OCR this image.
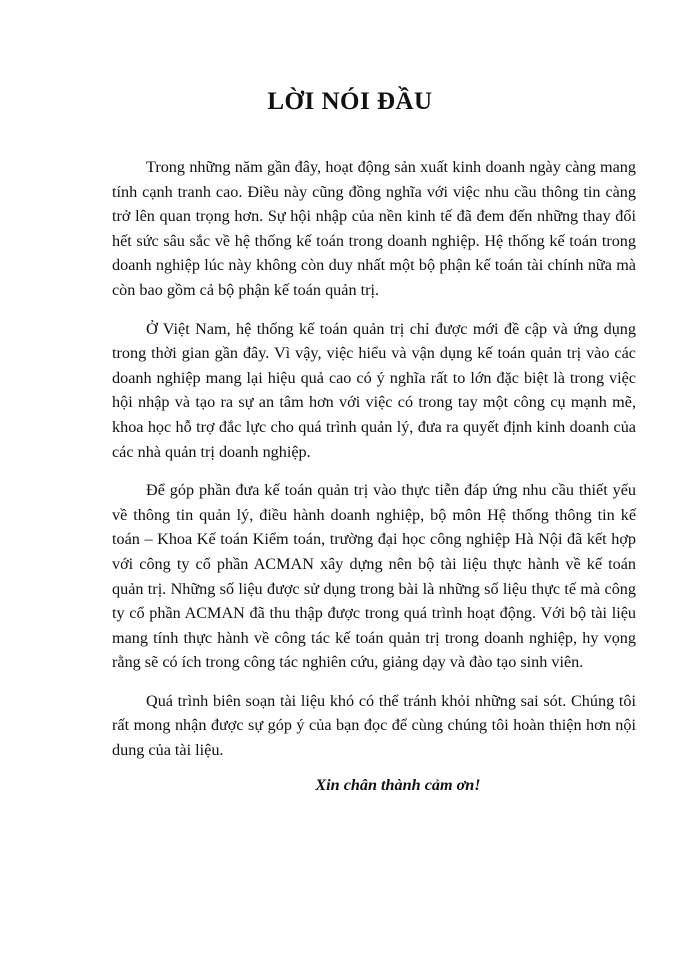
LỜI NÓI ĐẦU

Trong những năm gần đây, hoạt động sản xuất kinh doanh ngày càng mang tính cạnh tranh cao. Điều này cũng đồng nghĩa với việc nhu cầu thông tin càng trở lên quan trọng hơn. Sự hội nhập của nền kinh tế đã đem đến những thay đổi hết sức sâu sắc về hệ thống kế toán trong doanh nghiệp. Hệ thống kế toán trong doanh nghiệp lúc này không còn duy nhất một bộ phận kế toán tài chính nữa mà còn bao gồm cả bộ phận kế toán quản trị.

Ở Việt Nam, hệ thống kế toán quản trị chỉ được mới đề cập và ứng dụng trong thời gian gần đây. Vì vậy, việc hiểu và vận dụng kế toán quản trị vào các doanh nghiệp mang lại hiệu quả cao có ý nghĩa rất to lớn đặc biệt là trong việc hội nhập và tạo ra sự an tâm hơn với việc có trong tay một công cụ mạnh mẽ, khoa học hỗ trợ đắc lực cho quá trình quản lý, đưa ra quyết định kinh doanh của các nhà quản trị doanh nghiệp.

Để góp phần đưa kế toán quản trị vào thực tiễn đáp ứng nhu cầu thiết yếu về thông tin quản lý, điều hành doanh nghiệp, bộ môn Hệ thống thông tin kế toán – Khoa Kế toán Kiểm toán, trường đại học công nghiệp Hà Nội đã kết hợp với công ty cổ phần ACMAN xây dựng nên bộ tài liệu thực hành về kế toán quản trị. Những số liệu được sử dụng trong bài là những số liệu thực tế mà công ty cổ phần ACMAN đã thu thập được trong quá trình hoạt động. Với bộ tài liệu mang tính thực hành về công tác kế toán quản trị trong doanh nghiệp, hy vọng rằng sẽ có ích trong công tác nghiên cứu, giảng dạy và đào tạo sinh viên.

Quá trình biên soạn tài liệu khó có thể tránh khỏi những sai sót. Chúng tôi rất mong nhận được sự góp ý của bạn đọc để cùng chúng tôi hoàn thiện hơn nội dung của tài liệu.

Xin chân thành cảm ơn!
